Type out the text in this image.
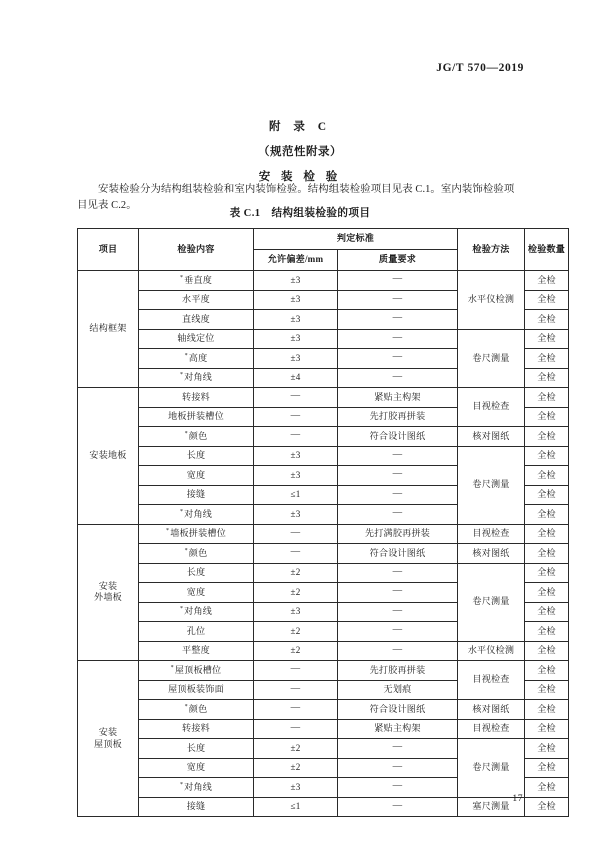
JG/T 570—2019
附 录 C
（规范性附录）
安 装 检 验
安装检验分为结构组装检验和室内装饰检验。结构组装检验项目见表 C.1。室内装饰检验项目见表 C.2。
表 C.1　结构组装检验的项目
项目	检验内容	判定标准		检验方法	检验数量
		允许偏差/mm	质量要求		

结构框架	*垂直度	±3	—	水平仪检测	全检
	水平度	±3	—		全检
	直线度	±3	—		全检
	轴线定位	±3	—	卷尺测量	全检
	*高度	±3	—		全检
	*对角线	±4	—		全检

安装地板	转接料	—	紧贴主构架	目视检查	全检
	地板拼装槽位	—	先打胶再拼装		全检
	*颜色	—	符合设计图纸	核对图纸	全检
	长度	±3	—	卷尺测量	全检
	宽度	±3	—		全检
	接缝	≤1	—		全检
	*对角线	±3	—		全检

安装
外墙板	*墙板拼装槽位	—	先打满胶再拼装	目视检查	全检
	*颜色	—	符合设计图纸	核对图纸	全检
	长度	±2	—	卷尺测量	全检
	宽度	±2	—		全检
	*对角线	±3	—		全检
	孔位	±2	—		全检
	平整度	±2	—	水平仪检测	全检

安装
屋顶板	*屋顶板槽位	—	先打胶再拼装	目视检查	全检
	屋顶板装饰面	—	无划痕		全检
	*颜色	—	符合设计图纸	核对图纸	全检
	转接料	—	紧贴主构架	目视检查	全检
	长度	±2	—	卷尺测量	全检
	宽度	±2	—		全检
	*对角线	±3	—		全检
	接缝	≤1	—	塞尺测量	全检
17
